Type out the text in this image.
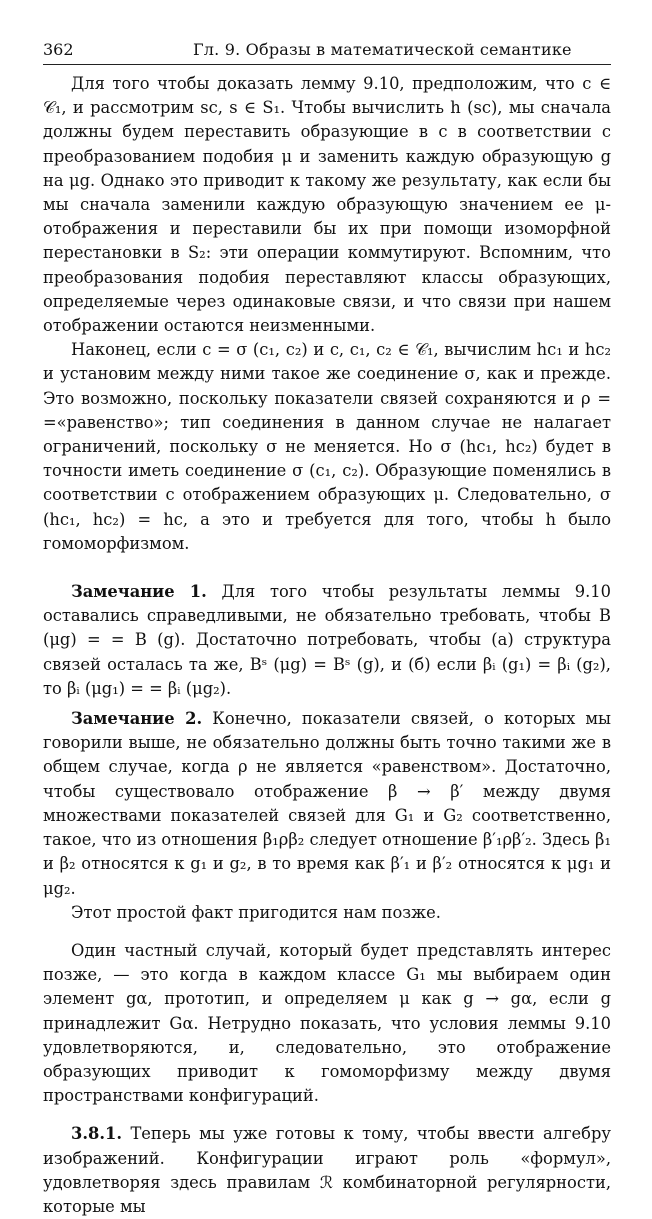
362	Гл. 9. Образы в математической семантике

Для того чтобы доказать лемму 9.10, предположим, что c ∈ 𝒞₁, и рассмотрим sc, s ∈ S₁. Чтобы вычислить h (sc), мы сначала должны будем переставить образующие в c в соответствии с преобразованием подобия μ и заменить каждую образующую g на μg. Однако это приводит к такому же результату, как если бы мы сначала заменили каждую образующую значением ее μ-отображения и переставили бы их при помощи изоморфной перестановки в S₂: эти операции коммутируют. Вспомним, что преобразования подобия переставляют классы образующих, определяемые через одинаковые связи, и что связи при нашем отображении остаются неизменными.

Наконец, если c = σ (c₁, c₂) и c, c₁, c₂ ∈ 𝒞₁, вычислим hc₁ и hc₂ и установим между ними такое же соединение σ, как и прежде. Это возможно, поскольку показатели связей сохраняются и ρ = =«равенство»; тип соединения в данном случае не налагает ограничений, поскольку σ не меняется. Но σ (hc₁, hc₂) будет в точности иметь соединение σ (c₁, c₂). Образующие поменялись в соответствии с отображением образующих μ. Следовательно, σ (hc₁, hc₂) = hc, а это и требуется для того, чтобы h было гомоморфизмом.

Замечание 1. Для того чтобы результаты леммы 9.10 оставались справедливыми, не обязательно требовать, чтобы B (μg) = = B (g). Достаточно потребовать, чтобы (а) структура связей осталась та же, Bˢ (μg) = Bˢ (g), и (б) если βᵢ (g₁) = βᵢ (g₂), то βᵢ (μg₁) = = βᵢ (μg₂).

Замечание 2. Конечно, показатели связей, о которых мы говорили выше, не обязательно должны быть точно такими же в общем случае, когда ρ не является «равенством». Достаточно, чтобы существовало отображение β → β′ между двумя множествами показателей связей для G₁ и G₂ соответственно, такое, что из отношения β₁ρβ₂ следует отношение β′₁ρβ′₂. Здесь β₁ и β₂ относятся к g₁ и g₂, в то время как β′₁ и β′₂ относятся к μg₁ и μg₂.

Этот простой факт пригодится нам позже.

Один частный случай, который будет представлять интерес позже, — это когда в каждом классе G₁ мы выбираем один элемент gα, прототип, и определяем μ как g → gα, если g принадлежит Gα. Нетрудно показать, что условия леммы 9.10 удовлетворяются, и, следовательно, это отображение образующих приводит к гомоморфизму между двумя пространствами конфигураций.

3.8.1. Теперь мы уже готовы к тому, чтобы ввести алгебру изображений. Конфигурации играют роль «формул», удовлетворяя здесь правилам ℛ комбинаторной регулярности, которые мы
